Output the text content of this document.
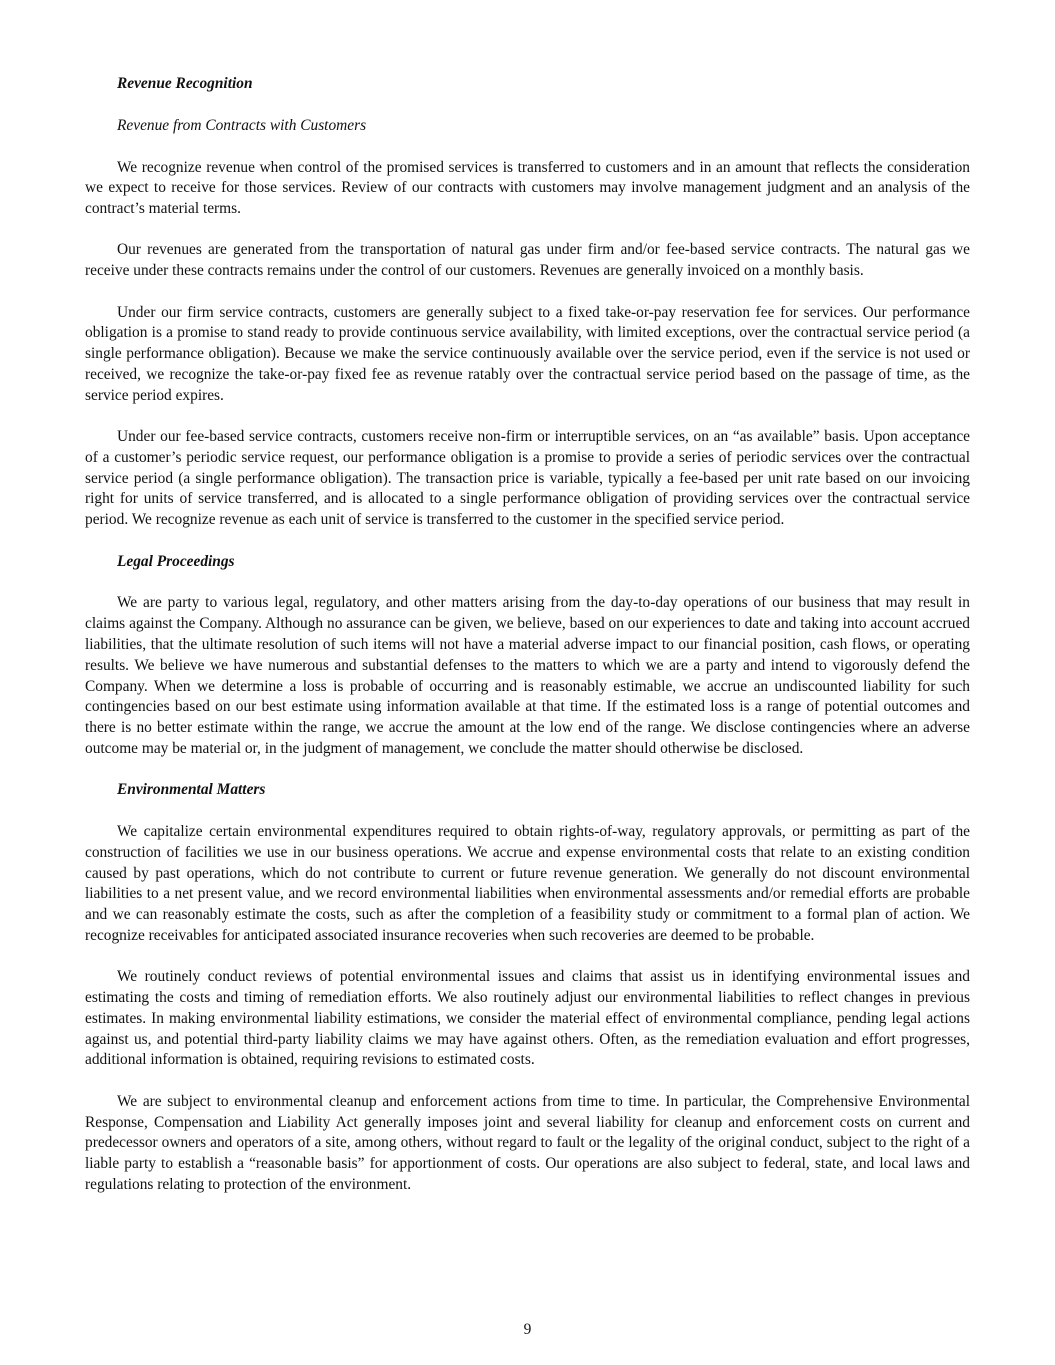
Revenue Recognition

Revenue from Contracts with Customers

We recognize revenue when control of the promised services is transferred to customers and in an amount that reflects the consideration we expect to receive for those services. Review of our contracts with customers may involve management judgment and an analysis of the contract’s material terms.

Our revenues are generated from the transportation of natural gas under firm and/or fee-based service contracts. The natural gas we receive under these contracts remains under the control of our customers. Revenues are generally invoiced on a monthly basis.

Under our firm service contracts, customers are generally subject to a fixed take-or-pay reservation fee for services. Our performance obligation is a promise to stand ready to provide continuous service availability, with limited exceptions, over the contractual service period (a single performance obligation). Because we make the service continuously available over the service period, even if the service is not used or received, we recognize the take-or-pay fixed fee as revenue ratably over the contractual service period based on the passage of time, as the service period expires.

Under our fee-based service contracts, customers receive non-firm or interruptible services, on an “as available” basis. Upon acceptance of a customer’s periodic service request, our performance obligation is a promise to provide a series of periodic services over the contractual service period (a single performance obligation). The transaction price is variable, typically a fee-based per unit rate based on our invoicing right for units of service transferred, and is allocated to a single performance obligation of providing services over the contractual service period. We recognize revenue as each unit of service is transferred to the customer in the specified service period.

Legal Proceedings

We are party to various legal, regulatory, and other matters arising from the day-to-day operations of our business that may result in claims against the Company. Although no assurance can be given, we believe, based on our experiences to date and taking into account accrued liabilities, that the ultimate resolution of such items will not have a material adverse impact to our financial position, cash flows, or operating results. We believe we have numerous and substantial defenses to the matters to which we are a party and intend to vigorously defend the Company. When we determine a loss is probable of occurring and is reasonably estimable, we accrue an undiscounted liability for such contingencies based on our best estimate using information available at that time. If the estimated loss is a range of potential outcomes and there is no better estimate within the range, we accrue the amount at the low end of the range. We disclose contingencies where an adverse outcome may be material or, in the judgment of management, we conclude the matter should otherwise be disclosed.

Environmental Matters

We capitalize certain environmental expenditures required to obtain rights-of-way, regulatory approvals, or permitting as part of the construction of facilities we use in our business operations. We accrue and expense environmental costs that relate to an existing condition caused by past operations, which do not contribute to current or future revenue generation. We generally do not discount environmental liabilities to a net present value, and we record environmental liabilities when environmental assessments and/or remedial efforts are probable and we can reasonably estimate the costs, such as after the completion of a feasibility study or commitment to a formal plan of action. We recognize receivables for anticipated associated insurance recoveries when such recoveries are deemed to be probable.

We routinely conduct reviews of potential environmental issues and claims that assist us in identifying environmental issues and estimating the costs and timing of remediation efforts. We also routinely adjust our environmental liabilities to reflect changes in previous estimates. In making environmental liability estimations, we consider the material effect of environmental compliance, pending legal actions against us, and potential third-party liability claims we may have against others. Often, as the remediation evaluation and effort progresses, additional information is obtained, requiring revisions to estimated costs.

We are subject to environmental cleanup and enforcement actions from time to time. In particular, the Comprehensive Environmental Response, Compensation and Liability Act generally imposes joint and several liability for cleanup and enforcement costs on current and predecessor owners and operators of a site, among others, without regard to fault or the legality of the original conduct, subject to the right of a liable party to establish a “reasonable basis” for apportionment of costs. Our operations are also subject to federal, state, and local laws and regulations relating to protection of the environment.

9
